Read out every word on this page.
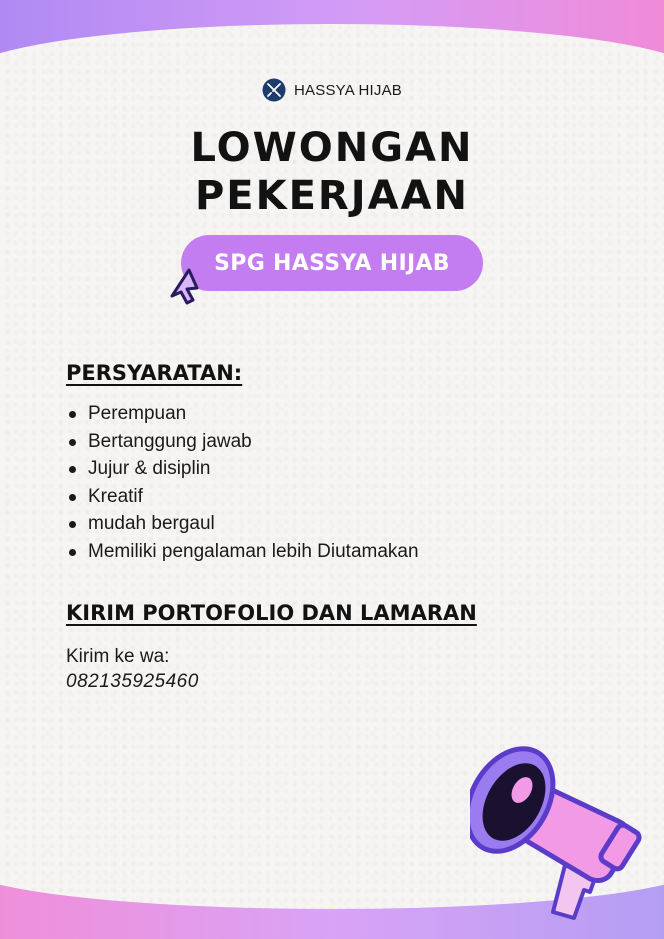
HASSYA HIJAB
LOWONGAN
PEKERJAAN
SPG HASSYA HIJAB
PERSYARATAN:
Perempuan
Bertanggung jawab
Jujur & disiplin
Kreatif
mudah bergaul
Memiliki pengalaman lebih Diutamakan
KIRIM PORTOFOLIO DAN LAMARAN
Kirim ke wa:
082135925460
